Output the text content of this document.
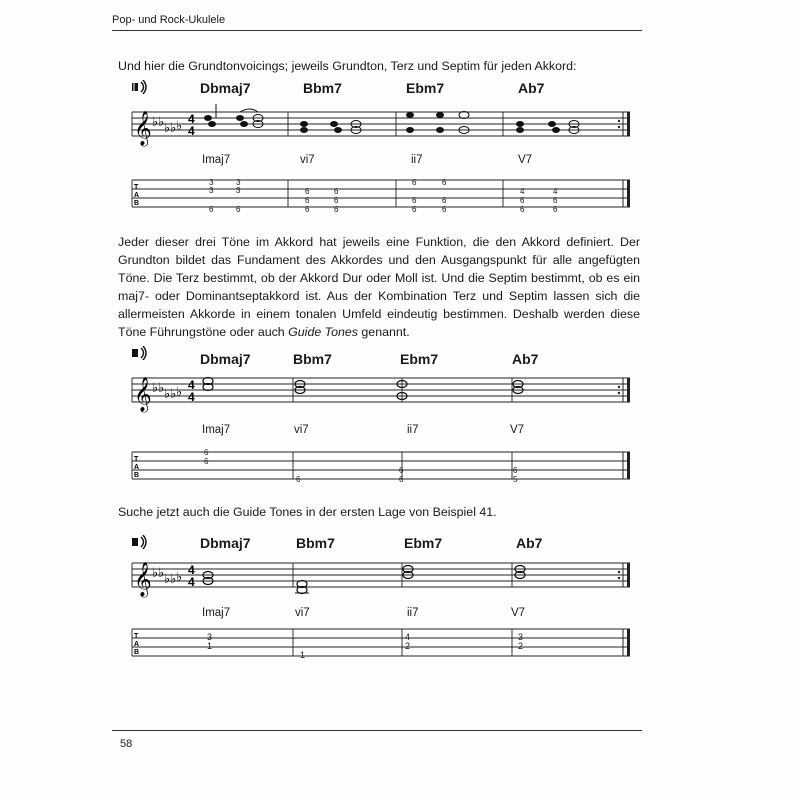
Pop- und Rock-Ukulele
Und hier die Grundtonvoicings; jeweils Grundton, Terz und Septim für jeden Akkord:
Dbmaj7	Bbm7	Ebm7	Ab7
𝄞 ♭♭ ♭♭ ♭ 4
4
T
A
B
Imaj7	vi7	ii7	V7
3	3
3	3
6	6
6	6
6	6
6	6
6	6
6	6
6	6
4	4
6	6
6	6
Jeder dieser drei Töne im Akkord hat jeweils eine Funktion, die den Akkord definiert. Der Grundton bildet das Fundament des Akkordes und den Ausgangspunkt für alle angefügten Töne. Die Terz bestimmt, ob der Akkord Dur oder Moll ist. Und die Septim bestimmt, ob es ein maj7- oder Dominantseptakkord ist. Aus der Kombination Terz und Septim lassen sich die allermeisten Akkorde in einem tonalen Umfeld eindeutig bestimmen. Deshalb werden diese Töne Führungstöne oder auch Guide Tones genannt.
Dbmaj7	Bbm7	Ebm7	Ab7
𝄞 ♭♭ ♭♭ ♭ 4
4
T
A
B
Imaj7	vi7	ii7	V7
6
6
6
6
6
6
5
Suche jetzt auch die Guide Tones in der ersten Lage von Beispiel 41.
Dbmaj7	Bbm7	Ebm7	Ab7
𝄞 ♭♭ ♭♭ ♭ 4
4
T
A
B
Imaj7	vi7	ii7	V7
3
1
1
4
2
3
2
58
